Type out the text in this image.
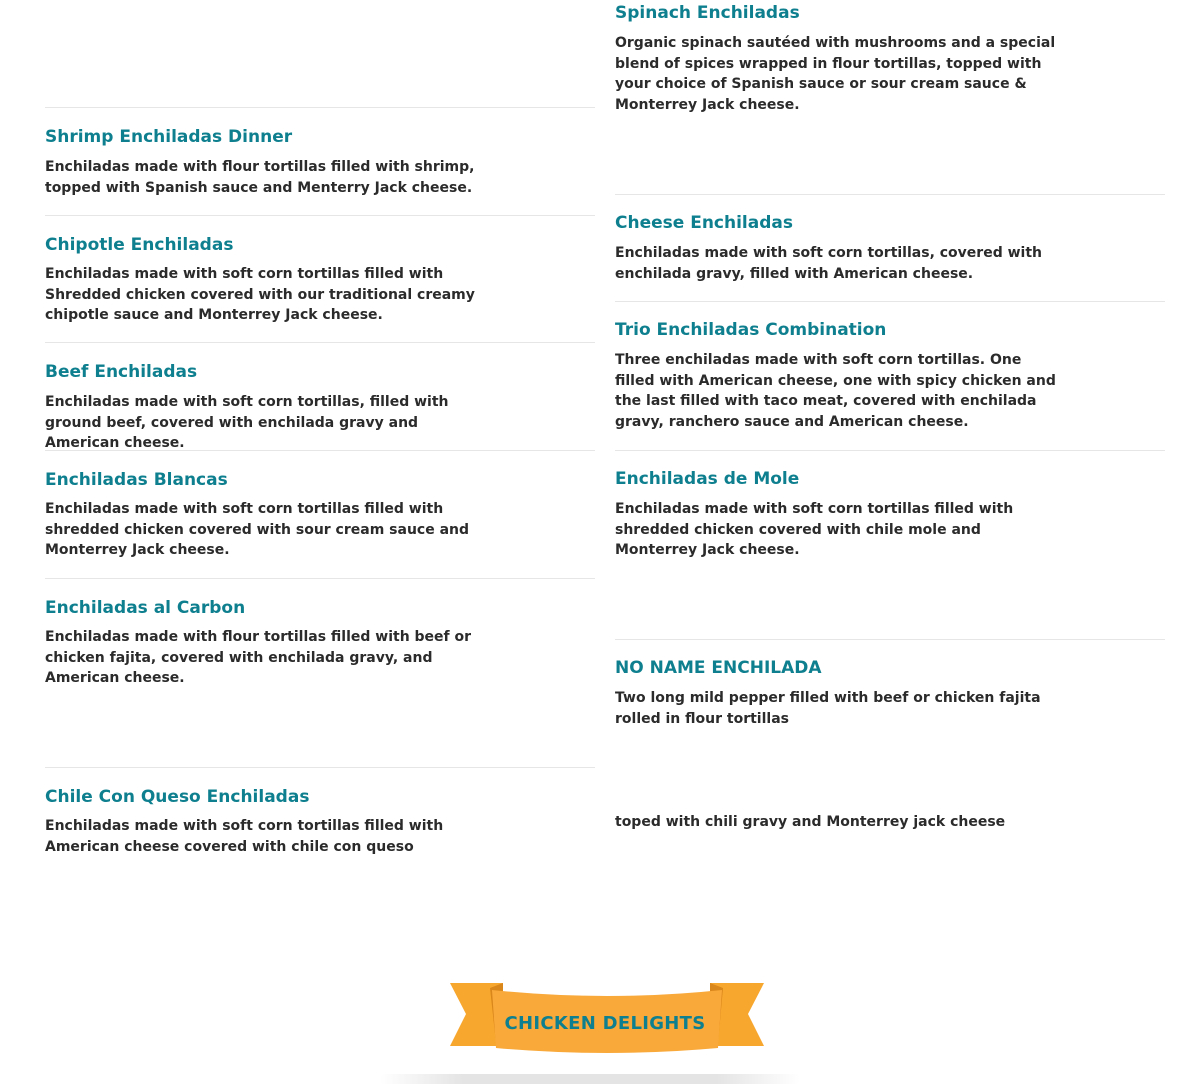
Shrimp Enchiladas Dinner

Enchiladas made with flour tortillas filled with shrimp, topped with Spanish sauce and Menterry Jack cheese.

Chipotle Enchiladas

Enchiladas made with soft corn tortillas filled with Shredded chicken covered with our traditional creamy chipotle sauce and Monterrey Jack cheese.

Beef Enchiladas

Enchiladas made with soft corn tortillas, filled with ground beef, covered with enchilada gravy and American cheese.

Enchiladas Blancas

Enchiladas made with soft corn tortillas filled with shredded chicken covered with sour cream sauce and Monterrey Jack cheese.

Enchiladas al Carbon

Enchiladas made with flour tortillas filled with beef or chicken fajita, covered with enchilada gravy, and American cheese.

Chile Con Queso Enchiladas

Enchiladas made with soft corn tortillas filled with American cheese covered with chile con queso

Spinach Enchiladas

Organic spinach sautéed with mushrooms and a special blend of spices wrapped in flour tortillas, topped with your choice of Spanish sauce or sour cream sauce & Monterrey Jack cheese.

Cheese Enchiladas

Enchiladas made with soft corn tortillas, covered with enchilada gravy, filled with American cheese.

Trio Enchiladas Combination

Three enchiladas made with soft corn tortillas. One filled with American cheese, one with spicy chicken and the last filled with taco meat, covered with enchilada gravy, ranchero sauce and American cheese.

Enchiladas de Mole

Enchiladas made with soft corn tortillas filled with shredded chicken covered with chile mole and Monterrey Jack cheese.

NO NAME ENCHILADA

Two long mild pepper filled with beef or chicken fajita rolled in flour tortillas

toped with chili gravy and Monterrey jack cheese
CHICKEN DELIGHTS
